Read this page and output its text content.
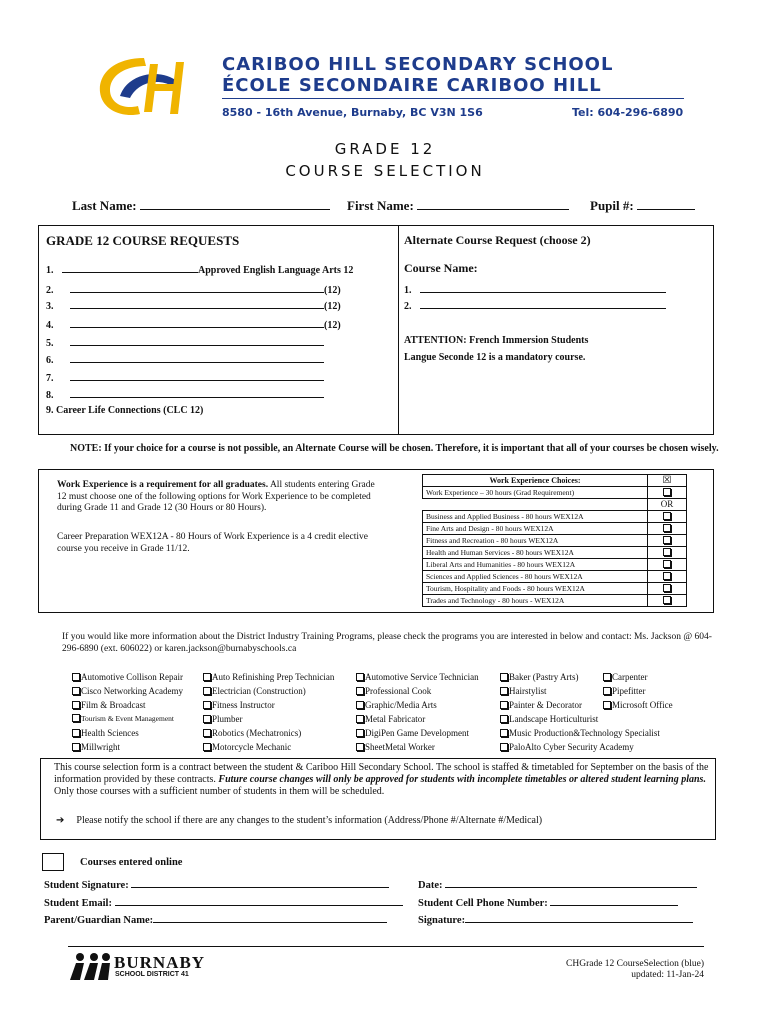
CARIBOO HILL SECONDARY SCHOOL
ÉCOLE SECONDAIRE CARIBOO HILL
8580 - 16th Avenue, Burnaby, BC V3N 1S6	Tel: 604-296-6890
GRADE 12
COURSE SELECTION
Last Name:	First Name:	Pupil #:
GRADE 12 COURSE REQUESTS
1.	Approved English Language Arts 12
2.	(12)
3.	(12)
4.	(12)
5.
6.
7.
8.
9. Career Life Connections (CLC 12)
Alternate Course Request (choose 2)
Course Name:
1.
2.
ATTENTION: French Immersion Students
Langue Seconde 12 is a mandatory course.
NOTE: If your choice for a course is not possible, an Alternate Course will be chosen. Therefore, it is important that all of your courses be chosen wisely.
Work Experience is a requirement for all graduates. All students entering Grade 12 must choose one of the following options for Work Experience to be completed during Grade 11 and Grade 12 (30 Hours or 80 Hours).
Career Preparation WEX12A - 80 Hours of Work Experience is a 4 credit elective course you receive in Grade 11/12.
Work Experience Choices:	☒
Work Experience – 30 hours (Grad Requirement)	
	OR
Business and Applied Business - 80 hours WEX12A	
Fine Arts and Design - 80 hours WEX12A	
Fitness and Recreation - 80 hours WEX12A	
Health and Human Services - 80 hours WEX12A	
Liberal Arts and Humanities - 80 hours WEX12A	
Sciences and Applied Sciences - 80 hours WEX12A	
Tourism, Hospitality and Foods - 80 hours WEX12A	
Trades and Technology - 80 hours - WEX12A	
If you would like more information about the District Industry Training Programs, please check the programs you are interested in below and contact: Ms. Jackson @ 604-296-6890 (ext. 606022) or karen.jackson@burnabyschools.ca
Automotive Collison Repair
Cisco Networking Academy
Film & Broadcast
Tourism & Event Management
Health Sciences
Millwright
Auto Refinishing Prep Technician
Electrician (Construction)
Fitness Instructor
Plumber
Robotics (Mechatronics)
Motorcycle Mechanic
Automotive Service Technician
Professional Cook
Graphic/Media Arts
Metal Fabricator
DigiPen Game Development
SheetMetal Worker
Baker (Pastry Arts)
Hairstylist
Painter & Decorator
Landscape Horticulturist
Music Production&Technology Specialist
PaloAlto Cyber Security Academy
Carpenter
Pipefitter
Microsoft Office
This course selection form is a contract between the student & Cariboo Hill Secondary School. The school is staffed & timetabled for September on the basis of the information provided by these contracts. Future course changes will only be approved for students with incomplete timetables or altered student learning plans. Only those courses with a sufficient number of students in them will be scheduled.
➔ Please notify the school if there are any changes to the student’s information (Address/Phone #/Alternate #/Medical)
Courses entered online
Student Signature:	Date:
Student Email:	Student Cell Phone Number:
Parent/Guardian Name:	Signature:
BURNABY
SCHOOL DISTRICT 41
CHGrade 12 CourseSelection (blue)
updated: 11-Jan-24
